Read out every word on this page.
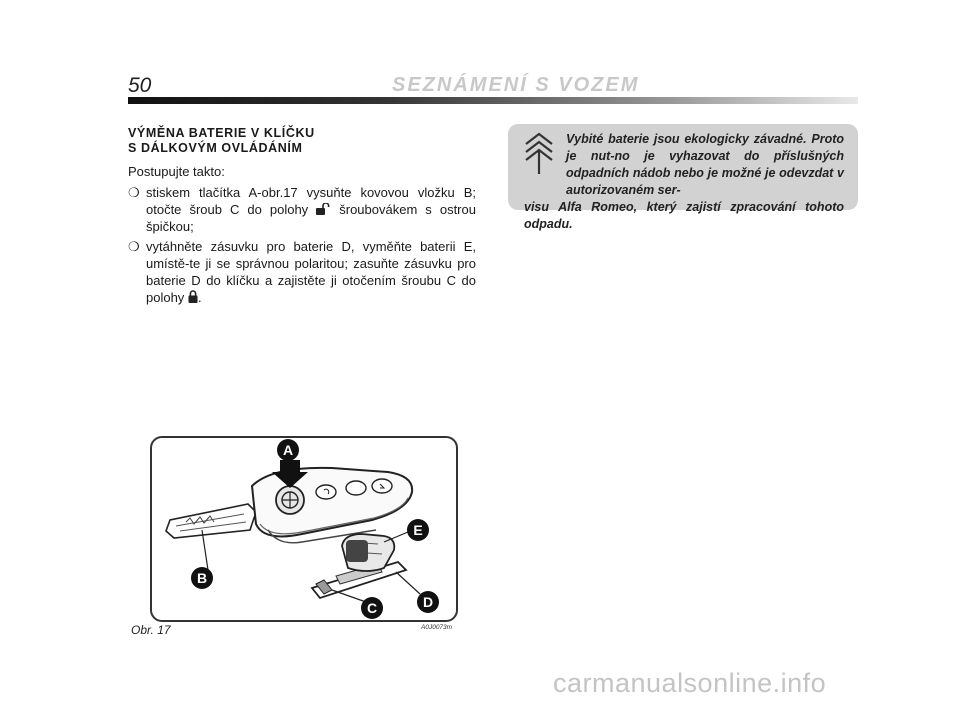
50	SEZNÁMENÍ S VOZEM
VÝMĚNA BATERIE V KLÍČKU
S DÁLKOVÝM OVLÁDÁNÍM

Postupujte takto:

❍ stiskem tlačítka A-obr.17 vysuňte kovovou vložku B; otočte šroub C do polohy šroubovákem s ostrou špičkou;
❍ vytáhněte zásuvku pro baterie D, vyměňte baterii E, umístě-te ji se správnou polaritou; zasuňte zásuvku pro baterie D do klíčku a zajistěte ji otočením šroubu C do polohy .
Vybité baterie jsou ekologicky závadné. Proto je nut-no je vyhazovat do příslušných odpadních nádob nebo je možné je odevzdat v autorizovaném ser-
visu Alfa Romeo, který zajistí zpracování tohoto odpadu.
A
B
E
D
C
Obr. 17	A0J0073m
carmanualsonline.info
